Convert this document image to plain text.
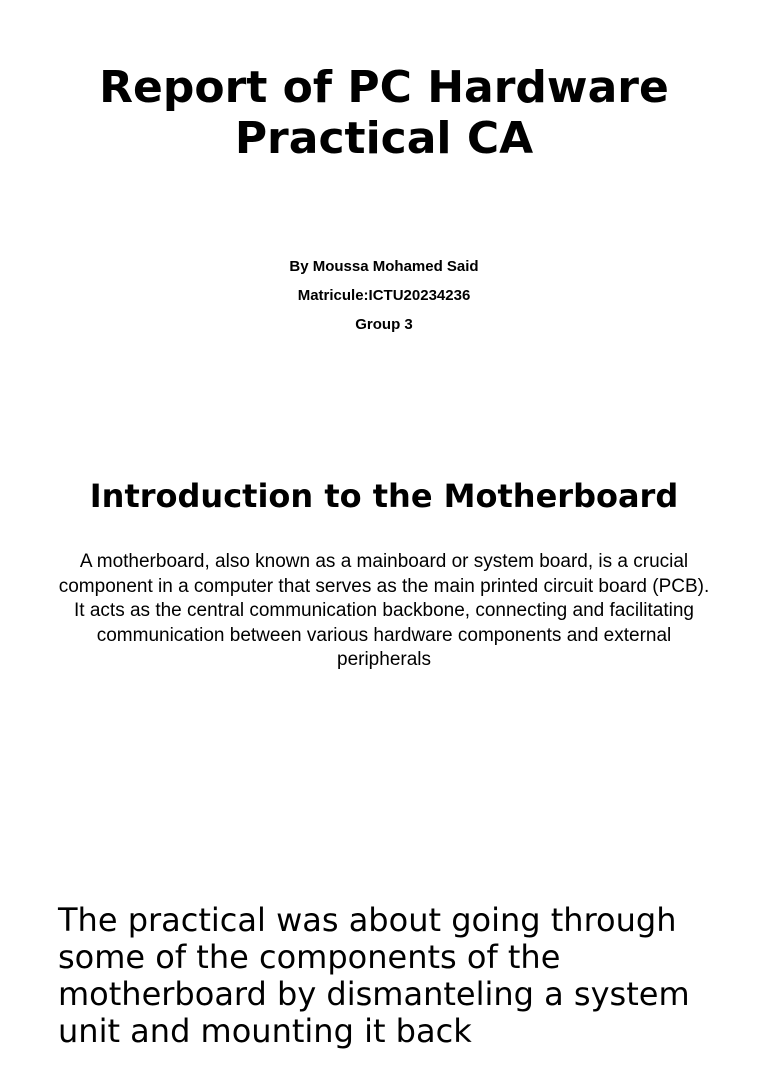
Report of PC Hardware Practical CA
By Moussa Mohamed Said
Matricule:ICTU20234236
Group 3
Introduction to the Motherboard

A motherboard, also known as a mainboard or system board, is a crucial component in a computer that serves as the main printed circuit board (PCB). It acts as the central communication backbone, connecting and facilitating communication between various hardware components and external peripherals

The practical was about going through some of the components of the motherboard by dismanteling a system unit and mounting it back
